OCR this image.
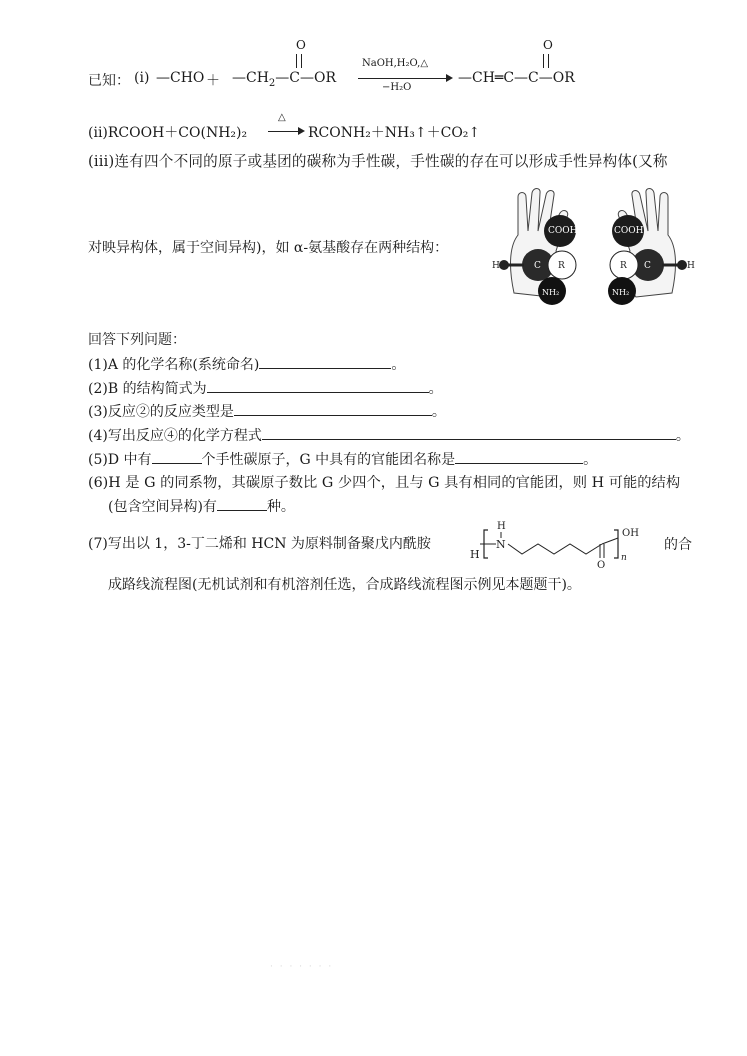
已知： (i) —CHO ＋ $—CH_2—C—OR$
O
NaOH,H₂O,△
−H₂O
—CH═C—C—OR
O
(ii)RCOOH＋CO(NH₂)₂
△
RCONH₂＋NH₃↑＋CO₂↑
(iii)连有四个不同的原子或基团的碳称为手性碳，手性碳的存在可以形成手性异构体(又称
对映异构体，属于空间异构)，如 α-氨基酸存在两种结构：
COOH
H	C R
NH₂
COOH
R C	H
NH₂
回答下列问题：
(1)A 的化学名称(系统命名)	。
(2)B 的结构简式为	。
(3)反应②的反应类型是	。
(4)写出反应④的化学方程式	。
(5)D 中有	个手性碳原子，G 中具有的官能团名称是	。
(6)H 是 G 的同系物，其碳原子数比 G 少四个，且与 G 具有相同的官能团，则 H 可能的结构
(包含空间异构)有	种。
(7)写出以 1，3-丁二烯和 HCN 为原料制备聚戊内酰胺
H
H
N
O
OH
n
的合
成路线流程图(无机试剂和有机溶剂任选，合成路线流程图示例见本题题干)。
· · · · · · ·
